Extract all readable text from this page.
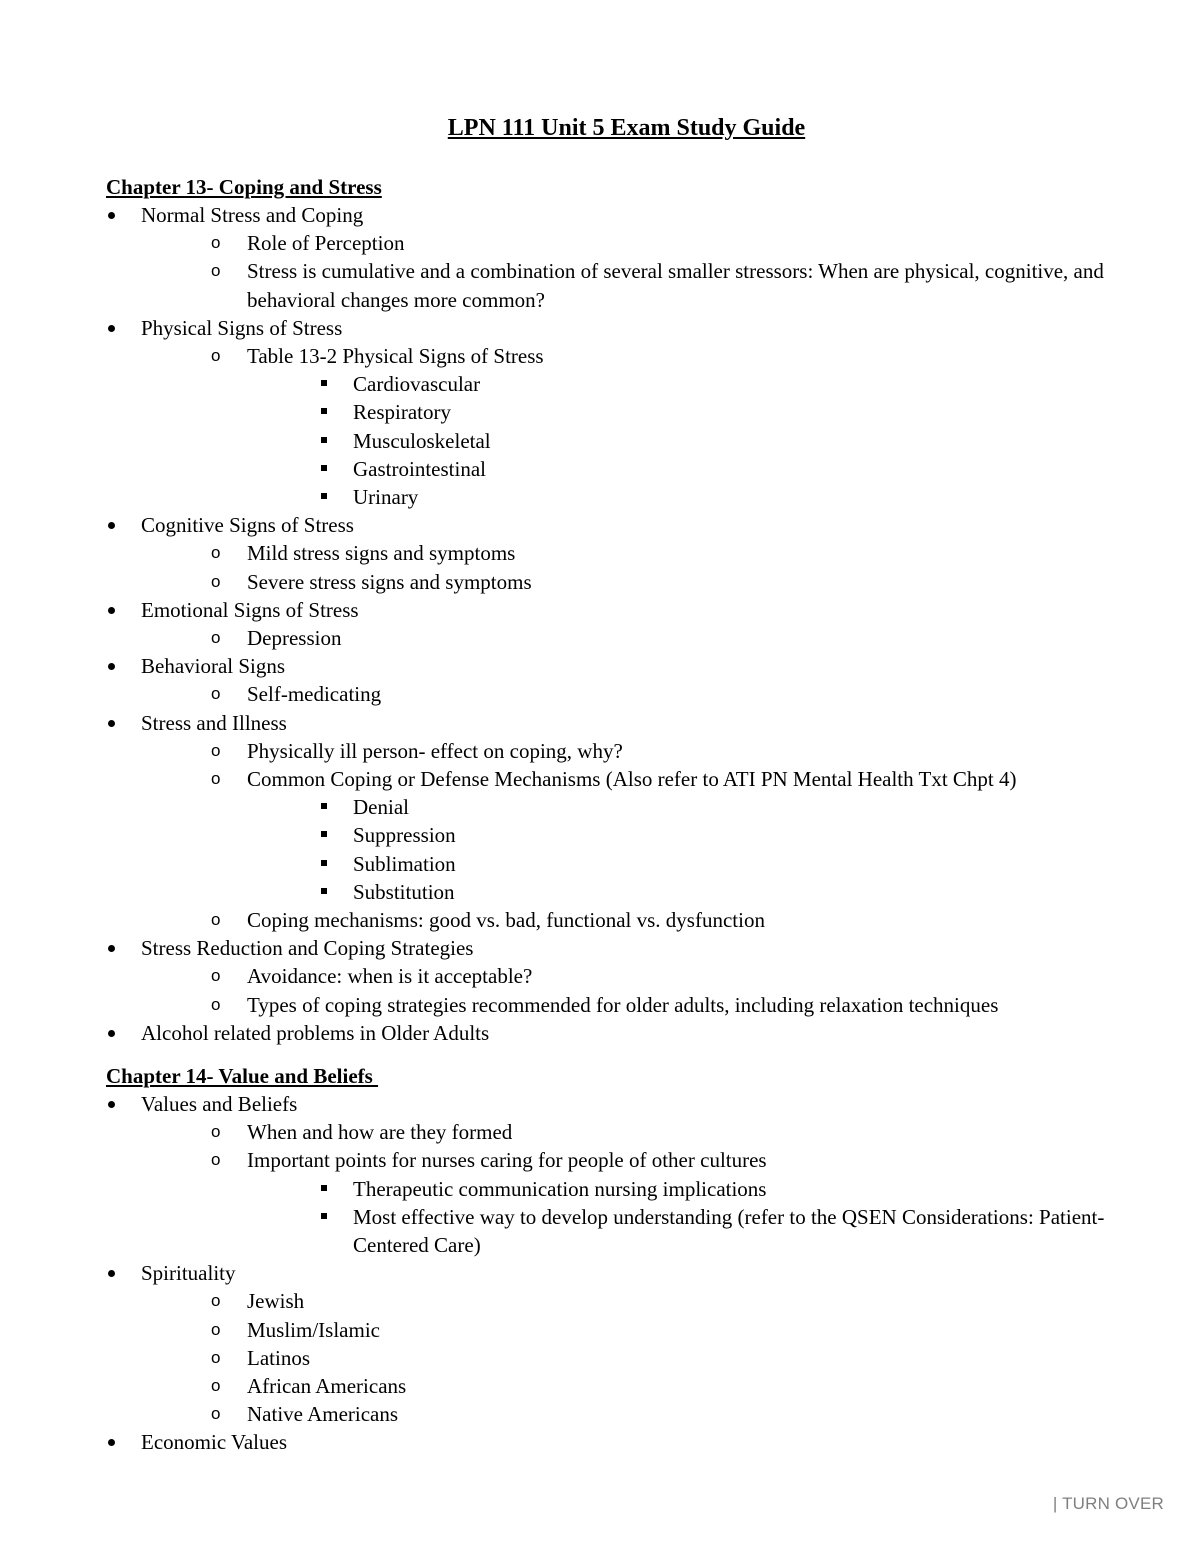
LPN 111 Unit 5 Exam Study Guide
Chapter 13- Coping and Stress
Normal Stress and Coping
o	Role of Perception
o	Stress is cumulative and a combination of several smaller stressors: When are physical, cognitive, and behavioral changes more common?
Physical Signs of Stress
o	Table 13-2 Physical Signs of Stress
Cardiovascular
Respiratory
Musculoskeletal
Gastrointestinal
Urinary
Cognitive Signs of Stress
o	Mild stress signs and symptoms
o	Severe stress signs and symptoms
Emotional Signs of Stress
o	Depression
Behavioral Signs
o	Self-medicating
Stress and Illness
o	Physically ill person- effect on coping, why?
o	Common Coping or Defense Mechanisms (Also refer to ATI PN Mental Health Txt Chpt 4)
Denial
Suppression
Sublimation
Substitution
o	Coping mechanisms: good vs. bad, functional vs. dysfunction
Stress Reduction and Coping Strategies
o	Avoidance: when is it acceptable?
o	Types of coping strategies recommended for older adults, including relaxation techniques
Alcohol related problems in Older Adults
Chapter 14- Value and Beliefs
Values and Beliefs
o	When and how are they formed
o	Important points for nurses caring for people of other cultures
Therapeutic communication nursing implications
Most effective way to develop understanding (refer to the QSEN Considerations: Patient-Centered Care)
Spirituality
o	Jewish
o	Muslim/Islamic
o	Latinos
o	African Americans
o	Native Americans
Economic Values
| TURN OVER
